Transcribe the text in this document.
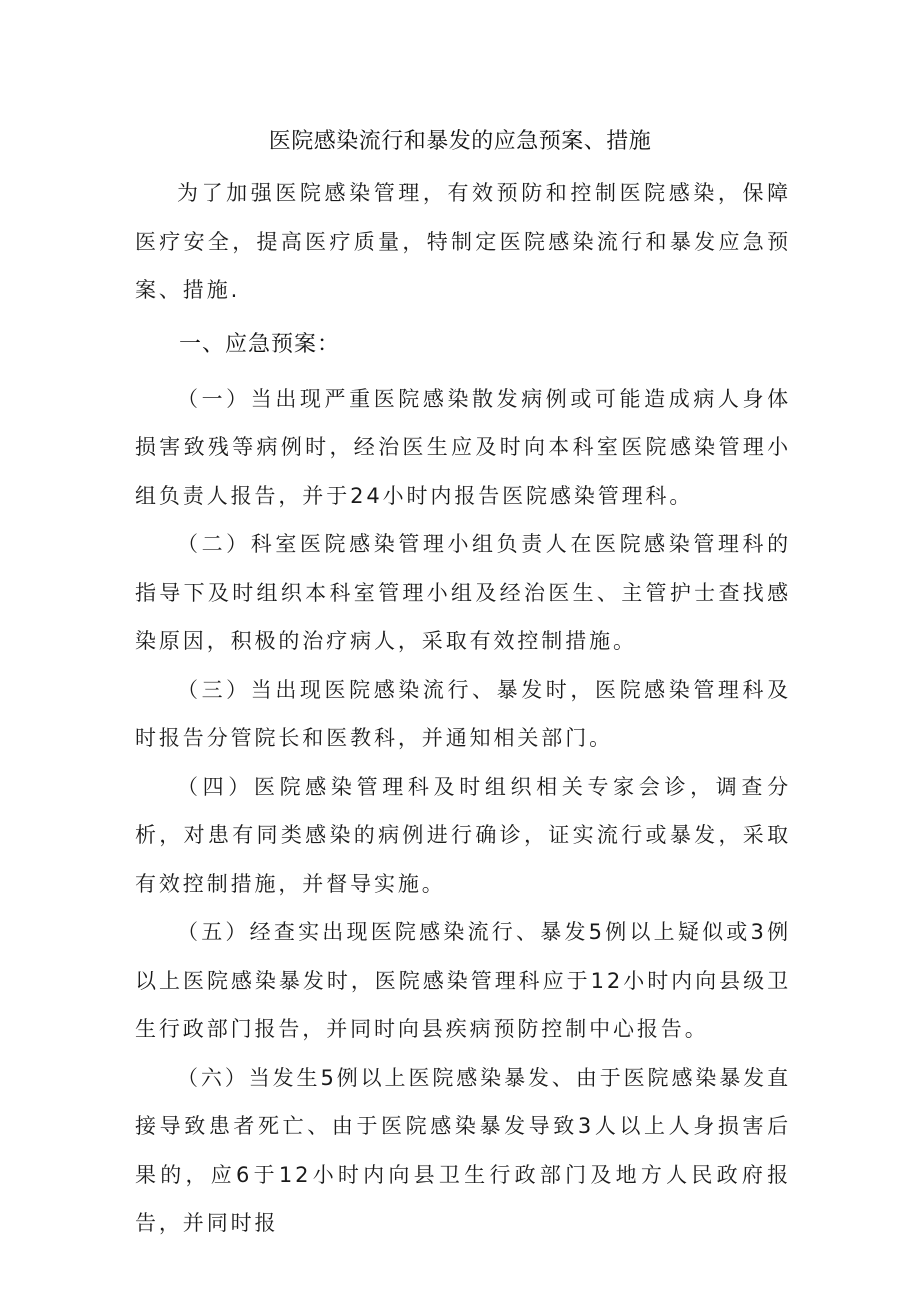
医院感染流行和暴发的应急预案、措施

为了加强医院感染管理，有效预防和控制医院感染，保障医疗安全，提高医疗质量，特制定医院感染流行和暴发应急预案、措施.

一、应急预案：

（一）当出现严重医院感染散发病例或可能造成病人身体损害致残等病例时，经治医生应及时向本科室医院感染管理小组负责人报告，并于24小时内报告医院感染管理科。

（二）科室医院感染管理小组负责人在医院感染管理科的指导下及时组织本科室管理小组及经治医生、主管护士查找感染原因，积极的治疗病人，采取有效控制措施。

（三）当出现医院感染流行、暴发时，医院感染管理科及时报告分管院长和医教科，并通知相关部门。

（四）医院感染管理科及时组织相关专家会诊，调查分析，对患有同类感染的病例进行确诊，证实流行或暴发，采取有效控制措施，并督导实施。

（五）经查实出现医院感染流行、暴发5例以上疑似或3例以上医院感染暴发时，医院感染管理科应于12小时内向县级卫生行政部门报告，并同时向县疾病预防控制中心报告。

（六）当发生5例以上医院感染暴发、由于医院感染暴发直接导致患者死亡、由于医院感染暴发导致3人以上人身损害后果的，应6于12小时内向县卫生行政部门及地方人民政府报告，并同时报
